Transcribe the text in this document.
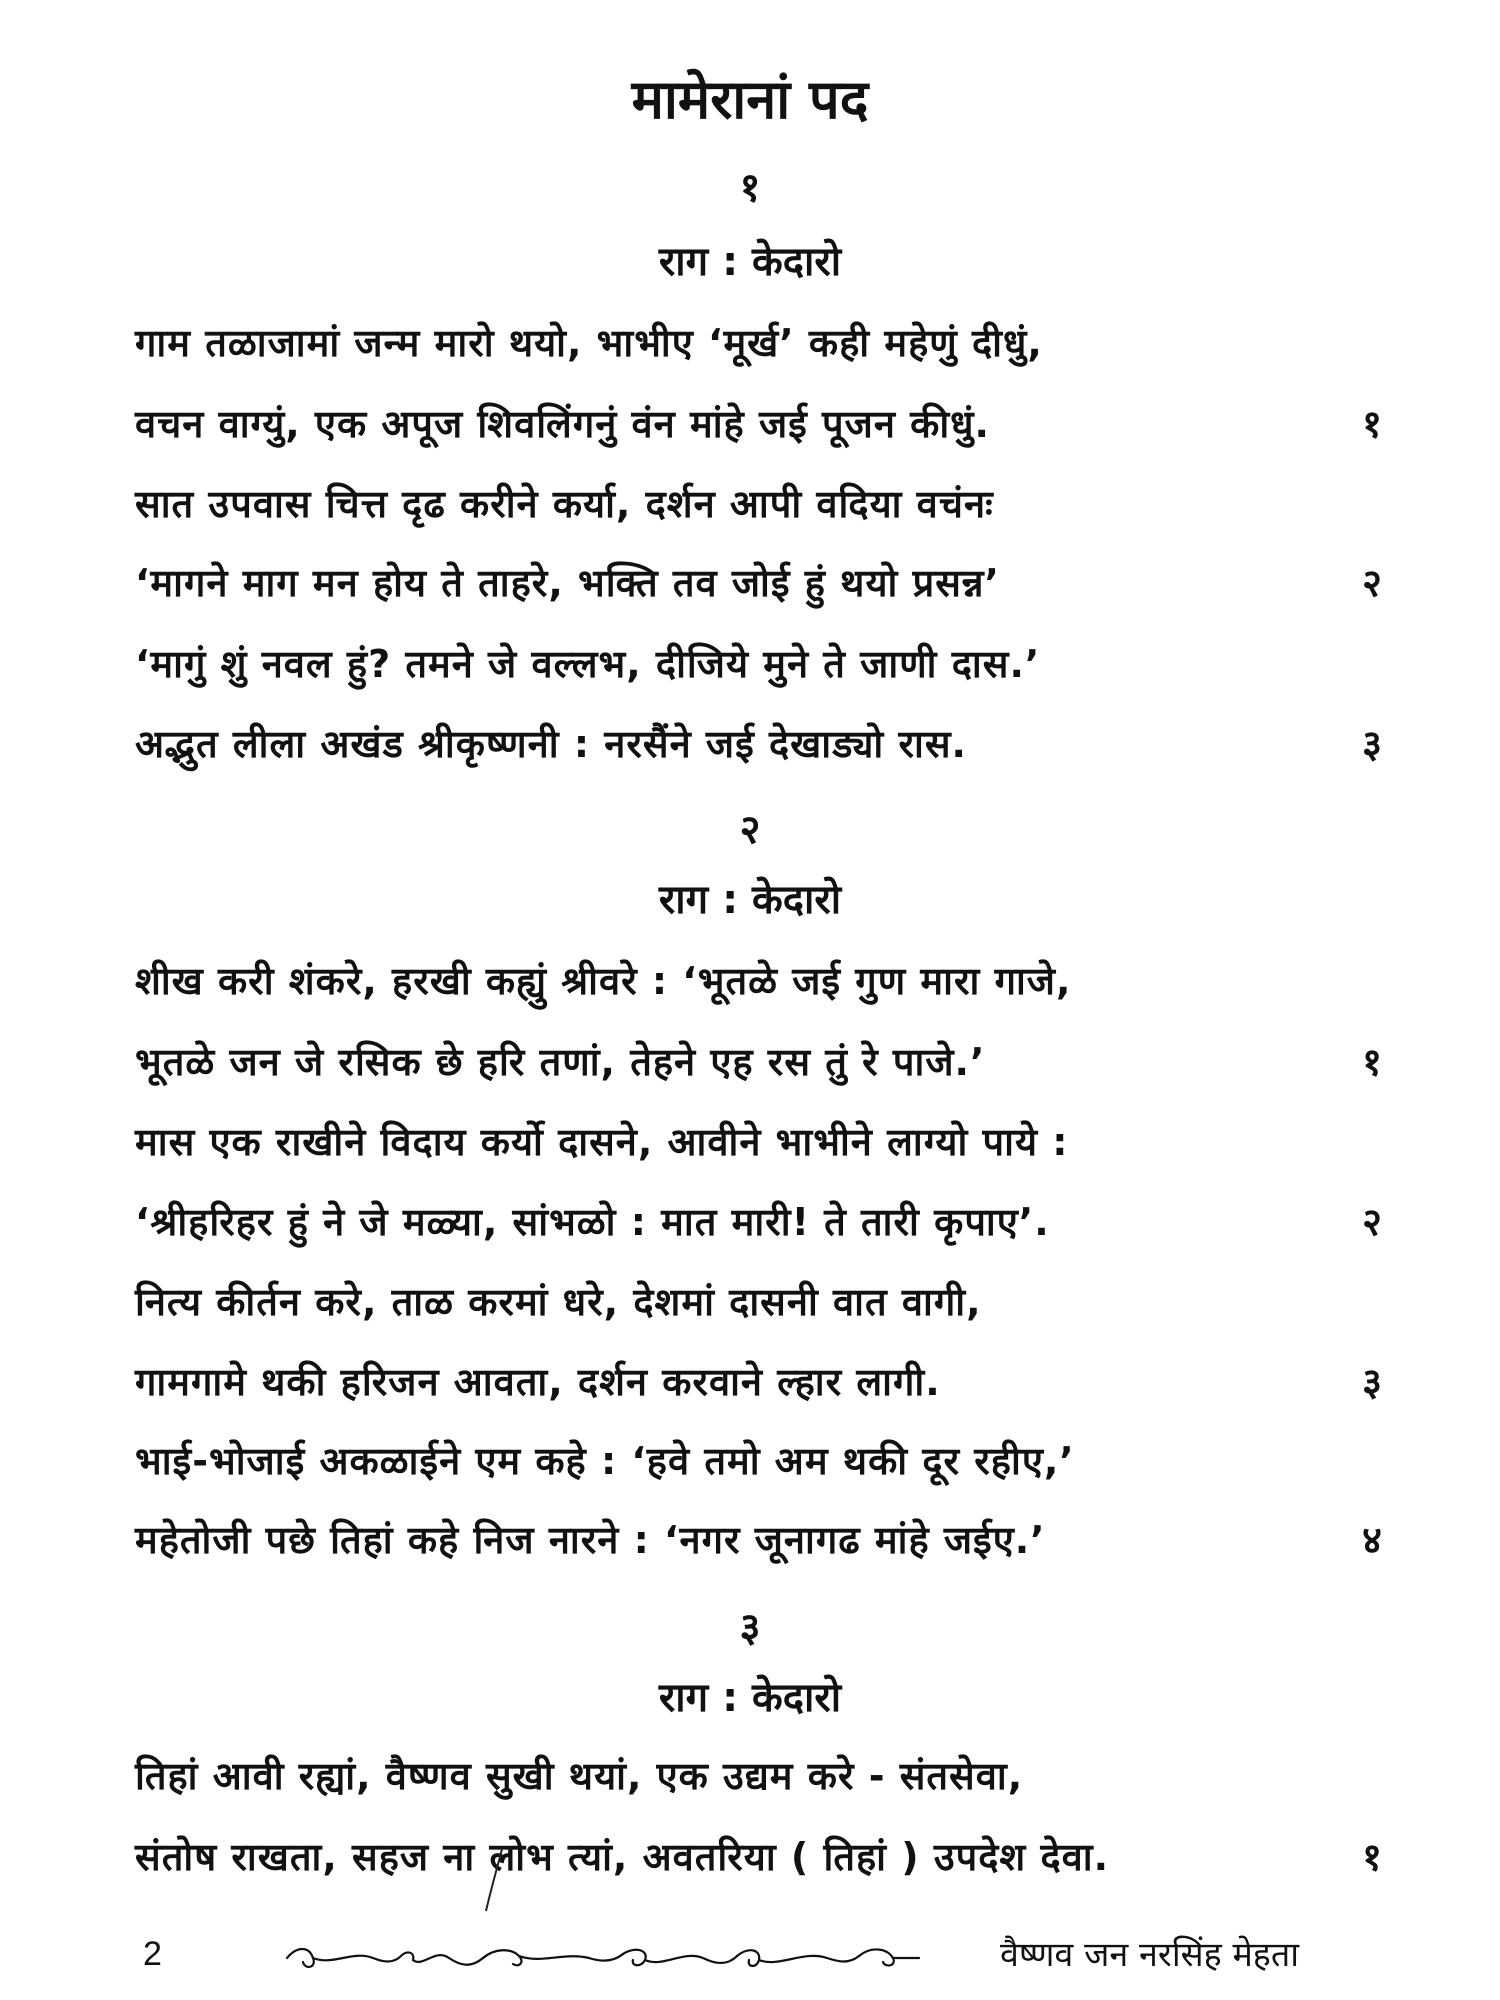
मामेरानां पद
१
राग : केदारो
गाम तळाजामां जन्म मारो थयो, भाभीए ‘मूर्ख’ कही महेणुं दीधुं,
वचन वाग्युं, एक अपूज शिवलिंगनुं वंन मांहे जई पूजन कीधुं.	१
सात उपवास चित्त दृढ करीने कर्या, दर्शन आपी वदिया वचंनः
‘मागने माग मन होय ते ताहरे, भक्ति तव जोई हुं थयो प्रसन्न’	२
‘मागुं शुं नवल हुं? तमने जे वल्लभ, दीजिये मुने ते जाणी दास.’
अद्भुत लीला अखंड श्रीकृष्णनी : नरसैंने जई देखाड्यो रास.	३
२
राग : केदारो
शीख करी शंकरे, हरखी कह्युं श्रीवरे : ‘भूतळे जई गुण मारा गाजे,
भूतळे जन जे रसिक छे हरि तणां, तेहने एह रस तुं रे पाजे.’	१
मास एक राखीने विदाय कर्यो दासने, आवीने भाभीने लाग्यो पाये :
‘श्रीहरिहर हुं ने जे मळ्या, सांभळो : मात मारी! ते तारी कृपाए’.	२
नित्य कीर्तन करे, ताळ करमां धरे, देशमां दासनी वात वागी,
गामगामे थकी हरिजन आवता, दर्शन करवाने ल्हार लागी.	३
भाई-भोजाई अकळाईने एम कहे : ‘हवे तमो अम थकी दूर रहीए,’
महेतोजी पछे तिहां कहे निज नारने : ‘नगर जूनागढ मांहे जईए.’	४
३
राग : केदारो
तिहां आवी रह्यां, वैष्णव सुखी थयां, एक उद्यम करे - संतसेवा,
संतोष राखता, सहज ना लोभ त्यां, अवतरिया ( तिहां ) उपदेश देवा.	१
2	वैष्णव जन नरसिंह मेहता
